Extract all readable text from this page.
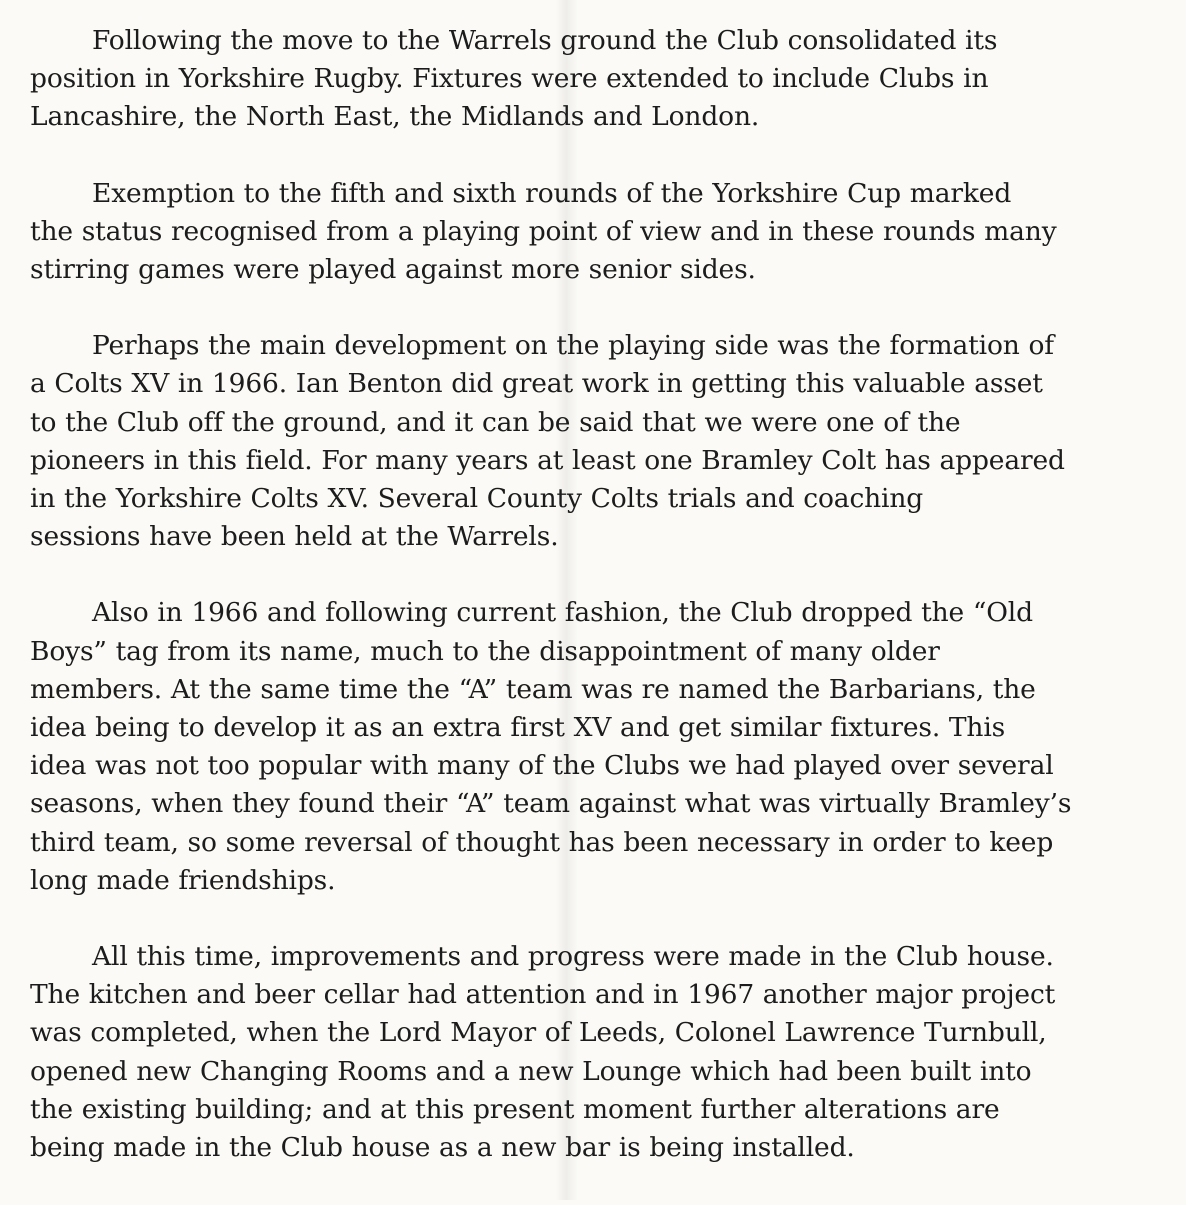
Following the move to the Warrels ground the Club consolidated its
position in Yorkshire Rugby. Fixtures were extended to include Clubs in
Lancashire, the North East, the Midlands and London.

Exemption to the fifth and sixth rounds of the Yorkshire Cup marked
the status recognised from a playing point of view and in these rounds many
stirring games were played against more senior sides.

Perhaps the main development on the playing side was the formation of
a Colts XV in 1966. Ian Benton did great work in getting this valuable asset
to the Club off the ground, and it can be said that we were one of the
pioneers in this field. For many years at least one Bramley Colt has appeared
in the Yorkshire Colts XV. Several County Colts trials and coaching
sessions have been held at the Warrels.

Also in 1966 and following current fashion, the Club dropped the “Old
Boys” tag from its name, much to the disappointment of many older
members. At the same time the “A” team was re named the Barbarians, the
idea being to develop it as an extra first XV and get similar fixtures. This
idea was not too popular with many of the Clubs we had played over several
seasons, when they found their “A” team against what was virtually Bramley’s
third team, so some reversal of thought has been necessary in order to keep
long made friendships.

All this time, improvements and progress were made in the Club house.
The kitchen and beer cellar had attention and in 1967 another major project
was completed, when the Lord Mayor of Leeds, Colonel Lawrence Turnbull,
opened new Changing Rooms and a new Lounge which had been built into
the existing building; and at this present moment further alterations are
being made in the Club house as a new bar is being installed.
